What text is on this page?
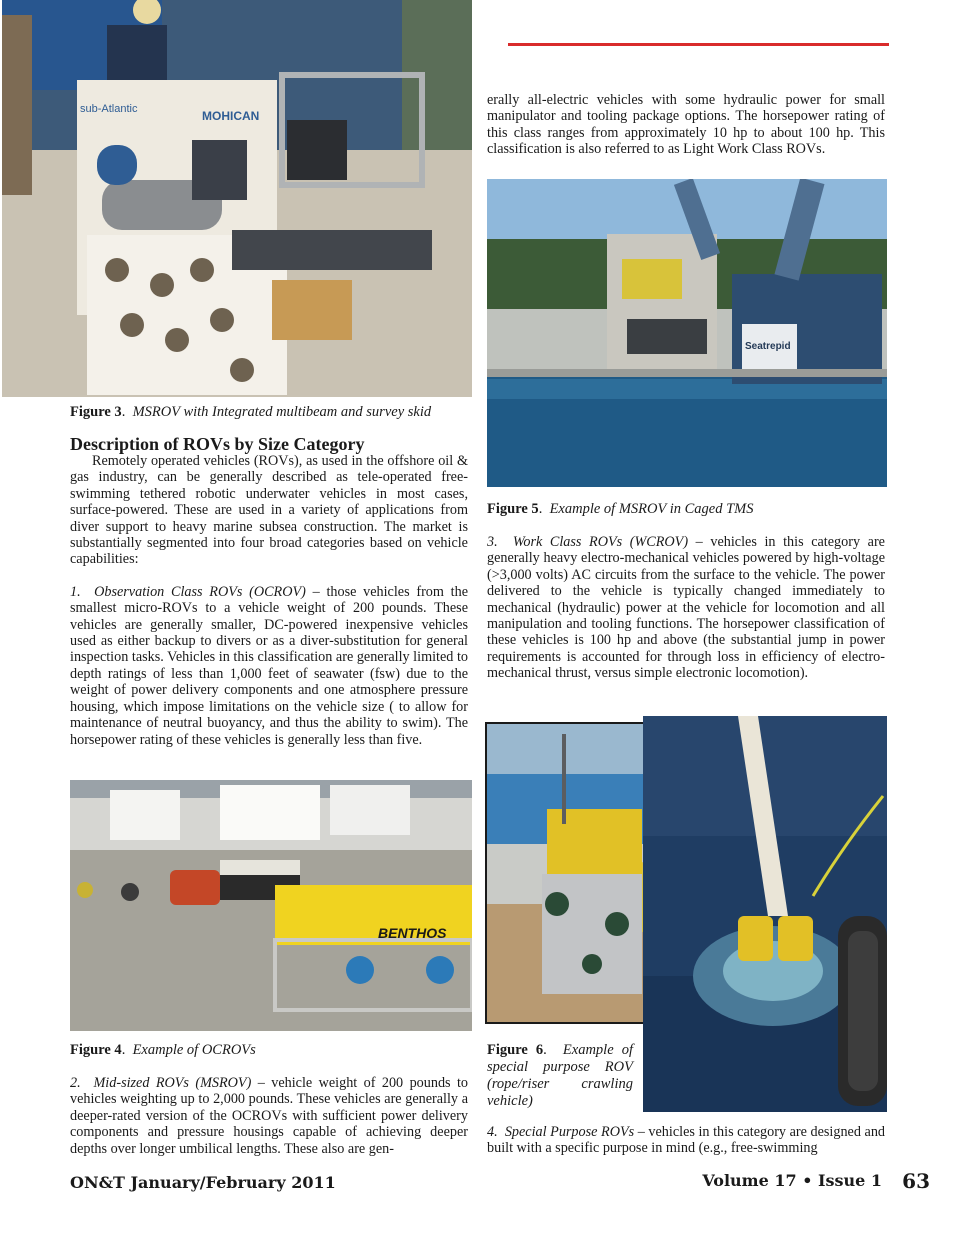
sub-Atlantic	MOHICAN
Figure 3.  MSROV with Integrated multibeam and survey skid
Description of ROVs by Size Category

Remotely operated vehicles (ROVs), as used in the offshore oil & gas industry, can be generally described as tele-operated free-swimming tethered robotic underwater vehicles in most cases, surface-powered. These are used in a variety of applications from diver support to heavy marine subsea construction. The market is substantially segmented into four broad categories based on vehicle capabilities:

1. Observation Class ROVs (OCROV) – those vehicles from the smallest micro-ROVs to a vehicle weight of 200 pounds. These vehicles are generally smaller, DC-powered inexpensive vehicles used as either backup to divers or as a diver-substitution for general inspection tasks. Vehicles in this classification are generally limited to depth ratings of less than 1,000 feet of seawater (fsw) due to the weight of power delivery components and one atmosphere pressure housing, which impose limitations on the vehicle size ( to allow for maintenance of neutral buoyancy, and thus the ability to swim). The horsepower rating of these vehicles is generally less than five.

BENTHOS
Figure 4.  Example of OCROVs

2. Mid-sized ROVs (MSROV) – vehicle weight of 200 pounds to vehicles weighting up to 2,000 pounds. These vehicles are generally a deeper-rated version of the OCROVs with sufficient power delivery components and pressure housings capable of achieving deeper depths over longer umbilical lengths. These also are gen-

erally all-electric vehicles with some hydraulic power for small manipulator and tooling package options. The horsepower rating of this class ranges from approximately 10 hp to about 100 hp. This classification is also referred to as Light Work Class ROVs.

Seatrepid
Figure 5.  Example of MSROV in Caged TMS

3. Work Class ROVs (WCROV) – vehicles in this category are generally heavy electro-mechanical vehicles powered by high-voltage (>3,000 volts) AC circuits from the surface to the vehicle. The power delivered to the vehicle is typically changed immediately to mechanical (hydraulic) power at the vehicle for locomotion and all manipulation and tooling functions. The horsepower classification of these vehicles is 100 hp and above (the substantial jump in power requirements is accounted for through loss in efficiency of electro-mechanical thrust, versus simple electronic locomotion).

Figure 6.  Example of special purpose ROV (rope/riser crawling vehicle)

4. Special Purpose ROVs – vehicles in this category are designed and built with a specific purpose in mind (e.g., free-swimming

ON&T January/February 2011	Volume 17 • Issue 1 63
